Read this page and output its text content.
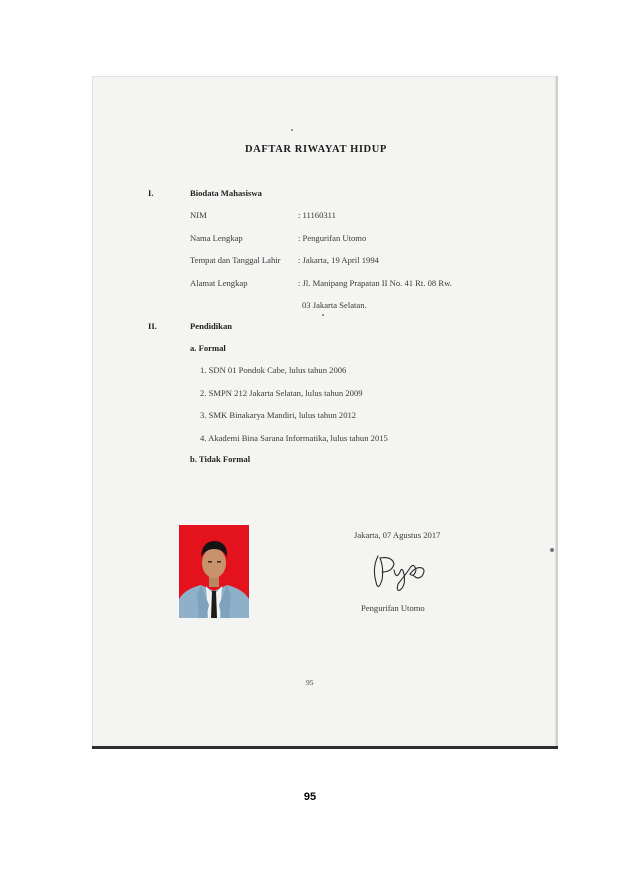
DAFTAR RIWAYAT HIDUP
I.	Biodata Mahasiswa
NIM	: 11160311
Nama Lengkap	: Pengurifan Utomo
Tempat dan Tanggal Lahir : Jakarta, 19 April 1994
Alamat Lengkap	: Jl. Manipang Prapatan II No. 41 Rt. 08 Rw.
03 Jakarta Selatan.
II.	Pendidikan
a. Formal
1. SDN 01 Pondok Cabe, lulus tahun 2006
2. SMPN 212 Jakarta Selatan, lulus tahun 2009
3. SMK Binakarya Mandiri, lulus tahun 2012
4. Akademi Bina Sarana Informatika, lulus tahun 2015
b. Tidak Formal
Jakarta, 07 Agustus 2017
Pengurifan Utomo
95
95
